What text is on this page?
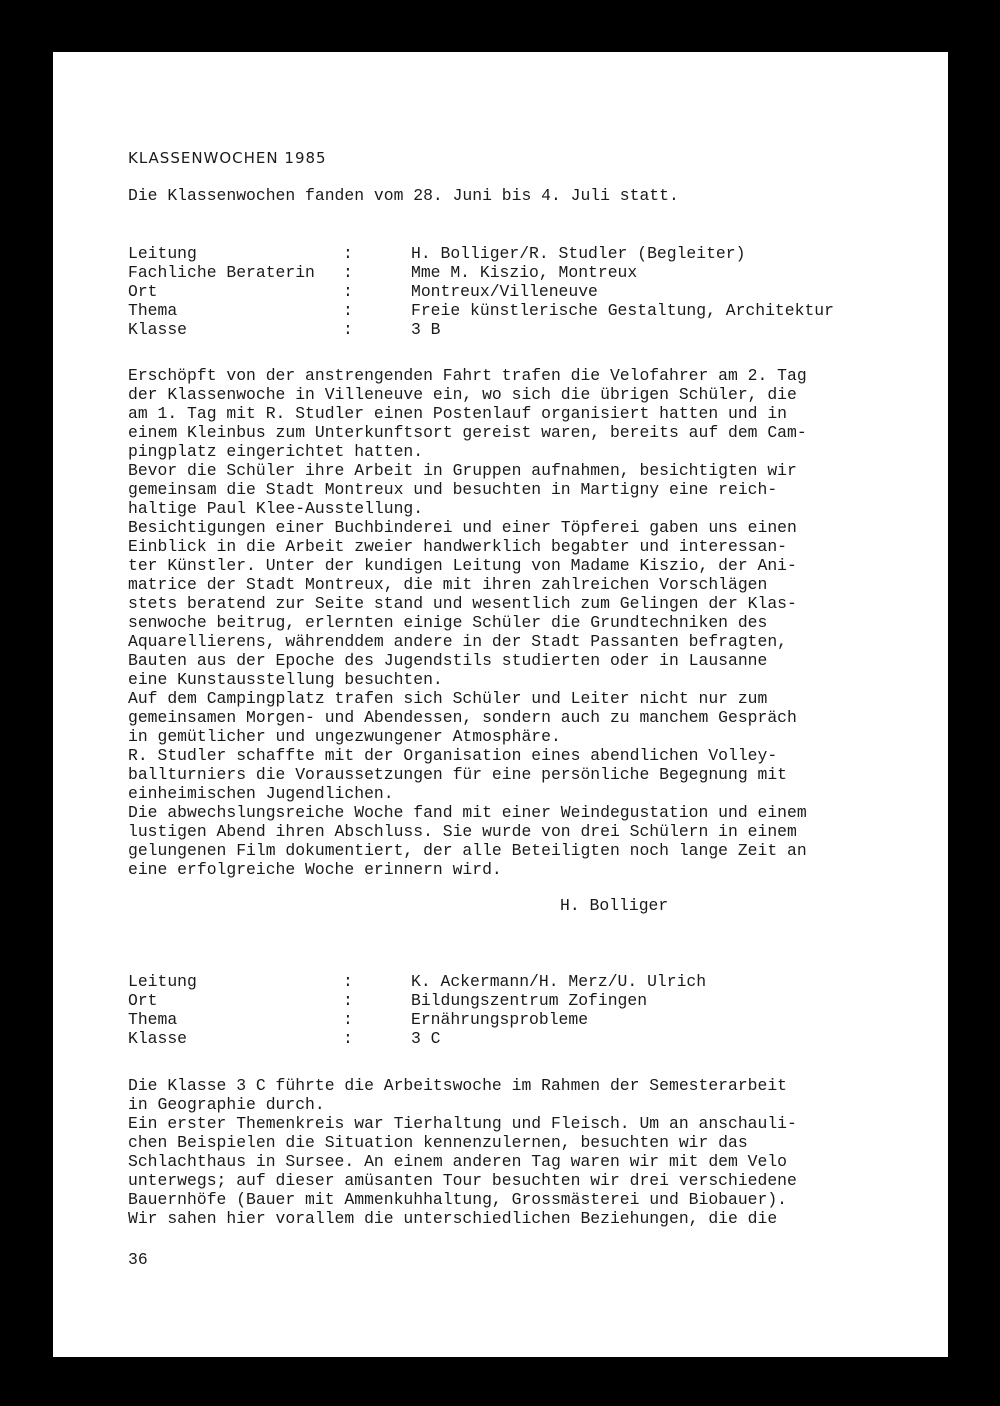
KLASSENWOCHEN 1985
Die Klassenwochen fanden vom 28. Juni bis 4. Juli statt.
Leitung	:	H. Bolliger/R. Studler (Begleiter)
Fachliche Beraterin	:	Mme M. Kiszio, Montreux
Ort	:	Montreux/Villeneuve
Thema	:	Freie künstlerische Gestaltung, Architektur
Klasse	:	3 B
Erschöpft von der anstrengenden Fahrt trafen die Velofahrer am 2. Tag
der Klassenwoche in Villeneuve ein, wo sich die übrigen Schüler, die
am 1. Tag mit R. Studler einen Postenlauf organisiert hatten und in
einem Kleinbus zum Unterkunftsort gereist waren, bereits auf dem Cam-
pingplatz eingerichtet hatten.
Bevor die Schüler ihre Arbeit in Gruppen aufnahmen, besichtigten wir
gemeinsam die Stadt Montreux und besuchten in Martigny eine reich-
haltige Paul Klee-Ausstellung.
Besichtigungen einer Buchbinderei und einer Töpferei gaben uns einen
Einblick in die Arbeit zweier handwerklich begabter und interessan-
ter Künstler. Unter der kundigen Leitung von Madame Kiszio, der Ani-
matrice der Stadt Montreux, die mit ihren zahlreichen Vorschlägen
stets beratend zur Seite stand und wesentlich zum Gelingen der Klas-
senwoche beitrug, erlernten einige Schüler die Grundtechniken des
Aquarellierens, währenddem andere in der Stadt Passanten befragten,
Bauten aus der Epoche des Jugendstils studierten oder in Lausanne
eine Kunstausstellung besuchten.
Auf dem Campingplatz trafen sich Schüler und Leiter nicht nur zum
gemeinsamen Morgen- und Abendessen, sondern auch zu manchem Gespräch
in gemütlicher und ungezwungener Atmosphäre.
R. Studler schaffte mit der Organisation eines abendlichen Volley-
ballturniers die Voraussetzungen für eine persönliche Begegnung mit
einheimischen Jugendlichen.
Die abwechslungsreiche Woche fand mit einer Weindegustation und einem
lustigen Abend ihren Abschluss. Sie wurde von drei Schülern in einem
gelungenen Film dokumentiert, der alle Beteiligten noch lange Zeit an
eine erfolgreiche Woche erinnern wird.
H. Bolliger
Leitung	:	K. Ackermann/H. Merz/U. Ulrich
Ort	:	Bildungszentrum Zofingen
Thema	:	Ernährungsprobleme
Klasse	:	3 C
Die Klasse 3 C führte die Arbeitswoche im Rahmen der Semesterarbeit
in Geographie durch.
Ein erster Themenkreis war Tierhaltung und Fleisch. Um an anschauli-
chen Beispielen die Situation kennenzulernen, besuchten wir das
Schlachthaus in Sursee. An einem anderen Tag waren wir mit dem Velo
unterwegs; auf dieser amüsanten Tour besuchten wir drei verschiedene
Bauernhöfe (Bauer mit Ammenkuhhaltung, Grossmästerei und Biobauer).
Wir sahen hier vorallem die unterschiedlichen Beziehungen, die die
36
